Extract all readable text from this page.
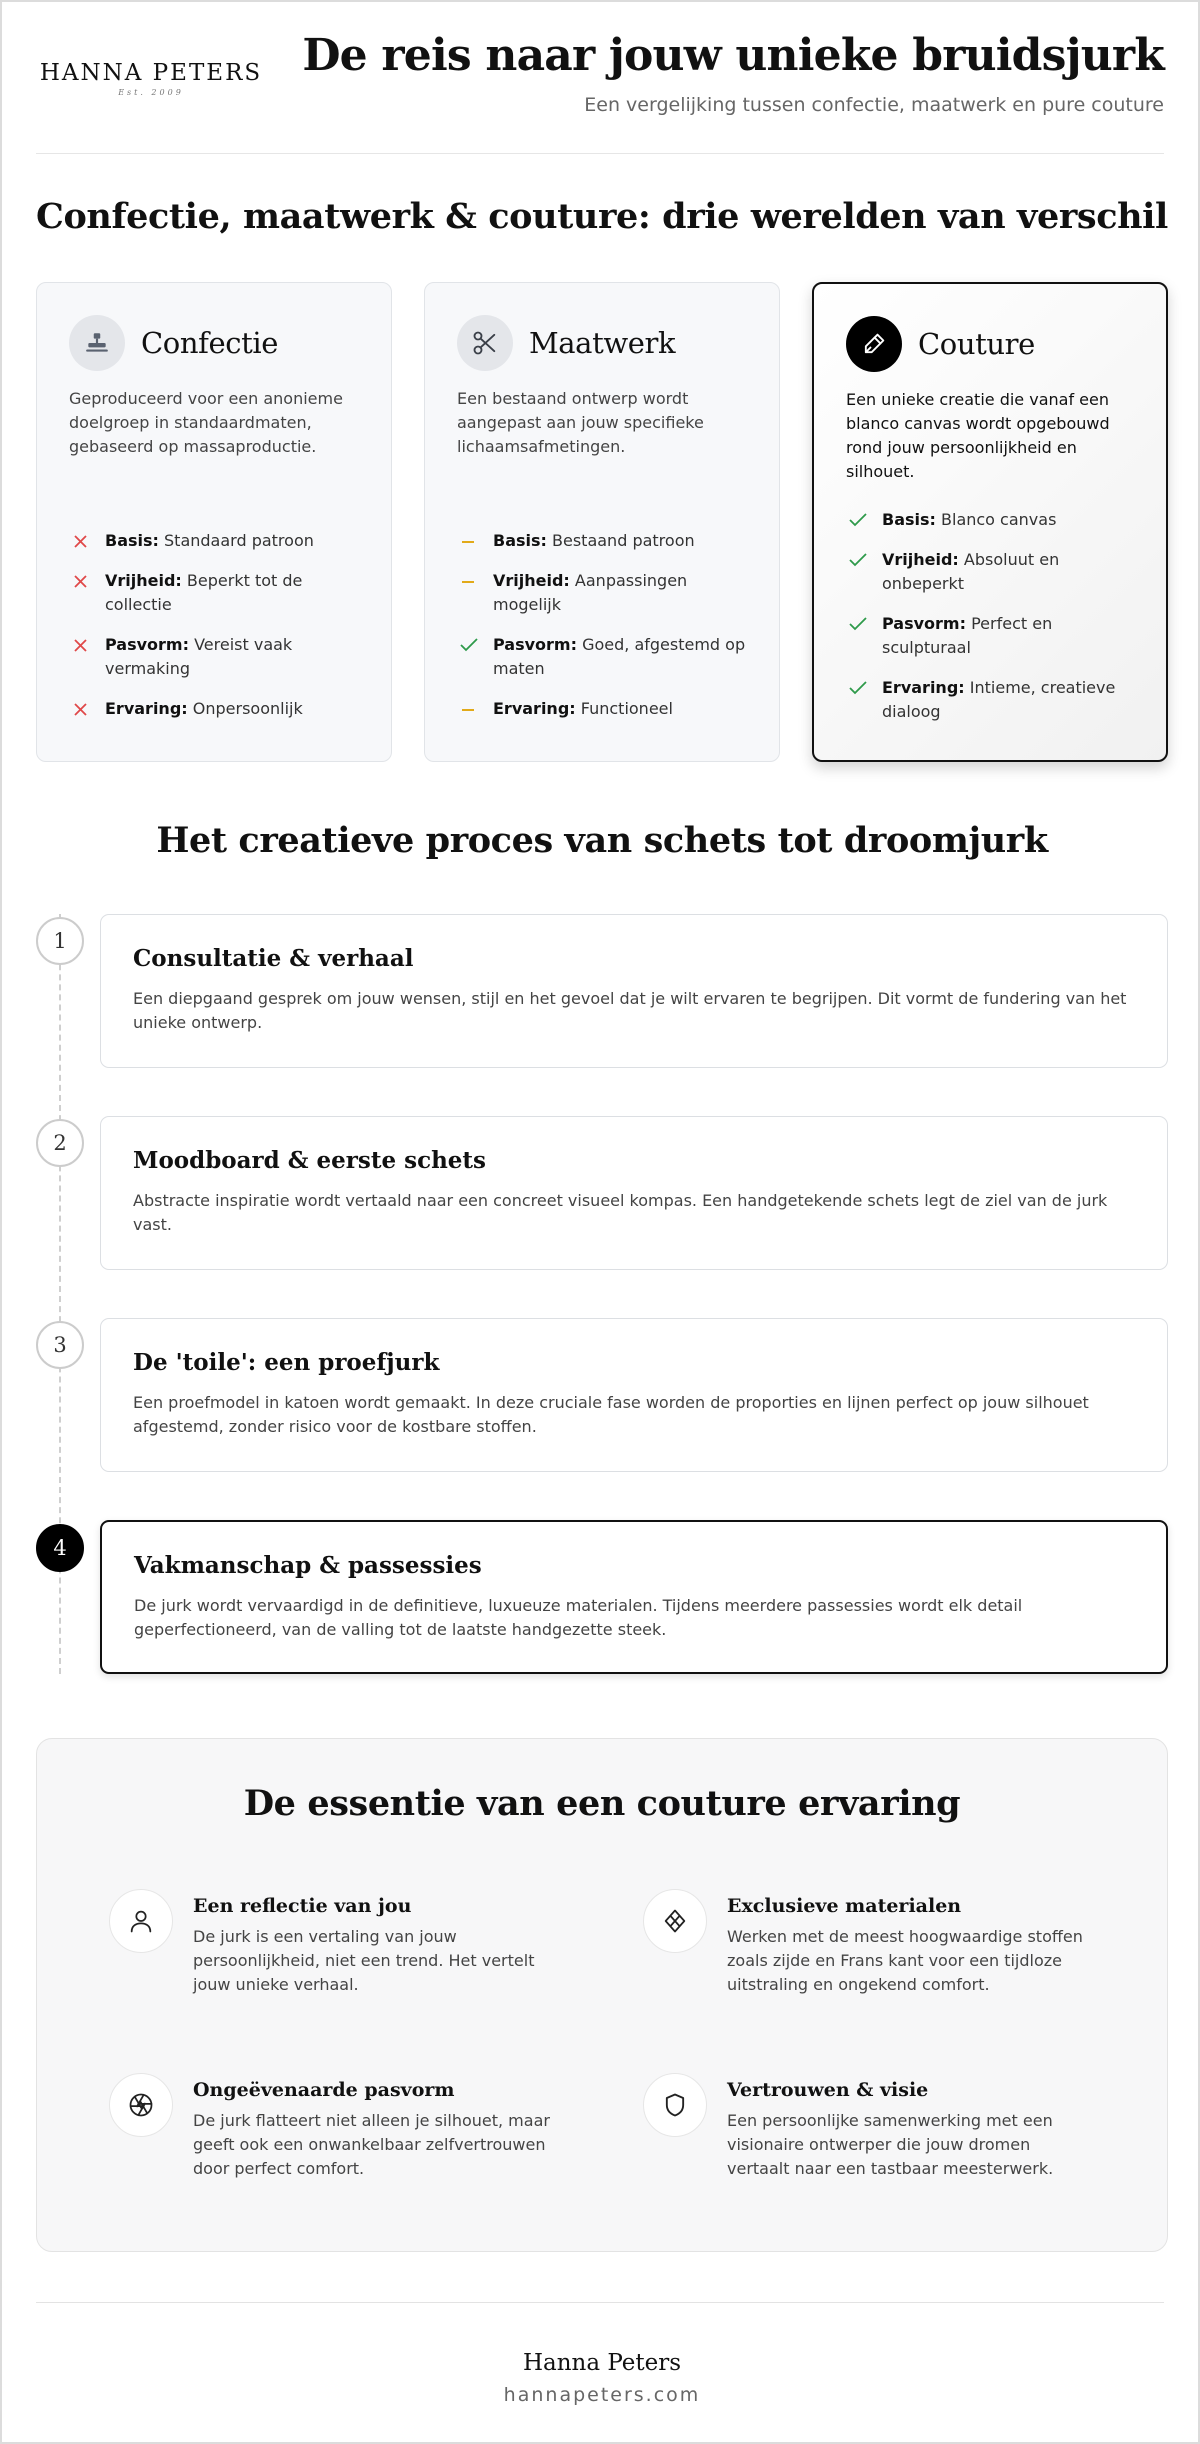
HANNA PETERS
Est. 2009
De reis naar jouw unieke bruidsjurk
Een vergelijking tussen confectie, maatwerk en pure couture
Confectie, maatwerk & couture: drie werelden van verschil
Confectie

Geproduceerd voor een anonieme doelgroep in standaardmaten, gebaseerd op massaproductie.

Basis: Standaard patroon
Vrijheid: Beperkt tot de collectie
Pasvorm: Vereist vaak vermaking
Ervaring: Onpersoonlijk
Maatwerk

Een bestaand ontwerp wordt aangepast aan jouw specifieke lichaamsafmetingen.

Basis: Bestaand patroon
Vrijheid: Aanpassingen mogelijk
Pasvorm: Goed, afgestemd op maten
Ervaring: Functioneel
Couture

Een unieke creatie die vanaf een blanco canvas wordt opgebouwd rond jouw persoonlijkheid en silhouet.

Basis: Blanco canvas
Vrijheid: Absoluut en onbeperkt
Pasvorm: Perfect en sculpturaal
Ervaring: Intieme, creatieve dialoog
Het creatieve proces van schets tot droomjurk
1
Consultatie & verhaal

Een diepgaand gesprek om jouw wensen, stijl en het gevoel dat je wilt ervaren te begrijpen. Dit vormt de fundering van het unieke ontwerp.

2
Moodboard & eerste schets

Abstracte inspiratie wordt vertaald naar een concreet visueel kompas. Een handgetekende schets legt de ziel van de jurk vast.

3
De 'toile': een proefjurk

Een proefmodel in katoen wordt gemaakt. In deze cruciale fase worden de proporties en lijnen perfect op jouw silhouet afgestemd, zonder risico voor de kostbare stoffen.

4
Vakmanschap & passessies

De jurk wordt vervaardigd in de definitieve, luxueuze materialen. Tijdens meerdere passessies wordt elk detail geperfectioneerd, van de valling tot de laatste handgezette steek.

De essentie van een couture ervaring
Een reflectie van jou

De jurk is een vertaling van jouw persoonlijkheid, niet een trend. Het vertelt jouw unieke verhaal.

Exclusieve materialen

Werken met de meest hoogwaardige stoffen zoals zijde en Frans kant voor een tijdloze uitstraling en ongekend comfort.

Ongeëvenaarde pasvorm

De jurk flatteert niet alleen je silhouet, maar geeft ook een onwankelbaar zelfvertrouwen door perfect comfort.

Vertrouwen & visie

Een persoonlijke samenwerking met een visionaire ontwerper die jouw dromen vertaalt naar een tastbaar meesterwerk.

Hanna Peters
hannapeters.com
